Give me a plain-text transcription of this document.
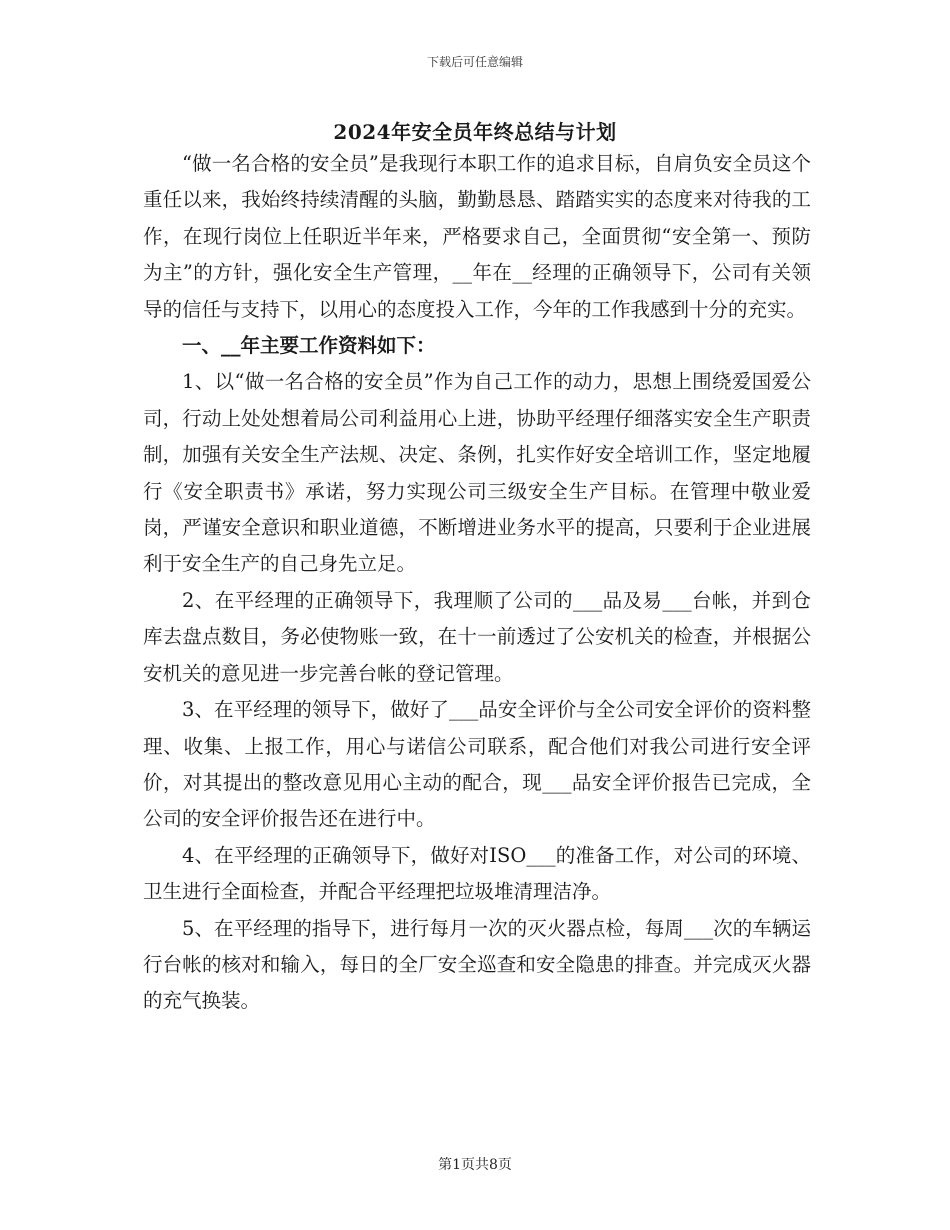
下载后可任意编辑
2024年安全员年终总结与计划

“做一名合格的安全员”是我现行本职工作的追求目标，自肩负安全员这个重任以来，我始终持续清醒的头脑，勤勤恳恳、踏踏实实的态度来对待我的工作，在现行岗位上任职近半年来，严格要求自己，全面贯彻“安全第一、预防为主”的方针，强化安全生产管理，__年在__经理的正确领导下，公司有关领导的信任与支持下，以用心的态度投入工作，今年的工作我感到十分的充实。

一、__年主要工作资料如下：

1、以“做一名合格的安全员”作为自己工作的动力，思想上围绕爱国爱公司，行动上处处想着局公司利益用心上进，协助平经理仔细落实安全生产职责制，加强有关安全生产法规、决定、条例，扎实作好安全培训工作，坚定地履行《安全职责书》承诺，努力实现公司三级安全生产目标。在管理中敬业爱岗，严谨安全意识和职业道德，不断增进业务水平的提高，只要利于企业进展利于安全生产的自己身先立足。

2、在平经理的正确领导下，我理顺了公司的___品及易___台帐，并到仓库去盘点数目，务必使物账一致，在十一前透过了公安机关的检查，并根据公安机关的意见进一步完善台帐的登记管理。

3、在平经理的领导下，做好了___品安全评价与全公司安全评价的资料整理、收集、上报工作，用心与诺信公司联系，配合他们对我公司进行安全评价，对其提出的整改意见用心主动的配合，现___品安全评价报告已完成，全公司的安全评价报告还在进行中。

4、在平经理的正确领导下，做好对ISO___的准备工作，对公司的环境、卫生进行全面检查，并配合平经理把垃圾堆清理洁净。

5、在平经理的指导下，进行每月一次的灭火器点检，每周___次的车辆运行台帐的核对和输入，每日的全厂安全巡查和安全隐患的排查。并完成灭火器的充气换装。

第1页共8页
